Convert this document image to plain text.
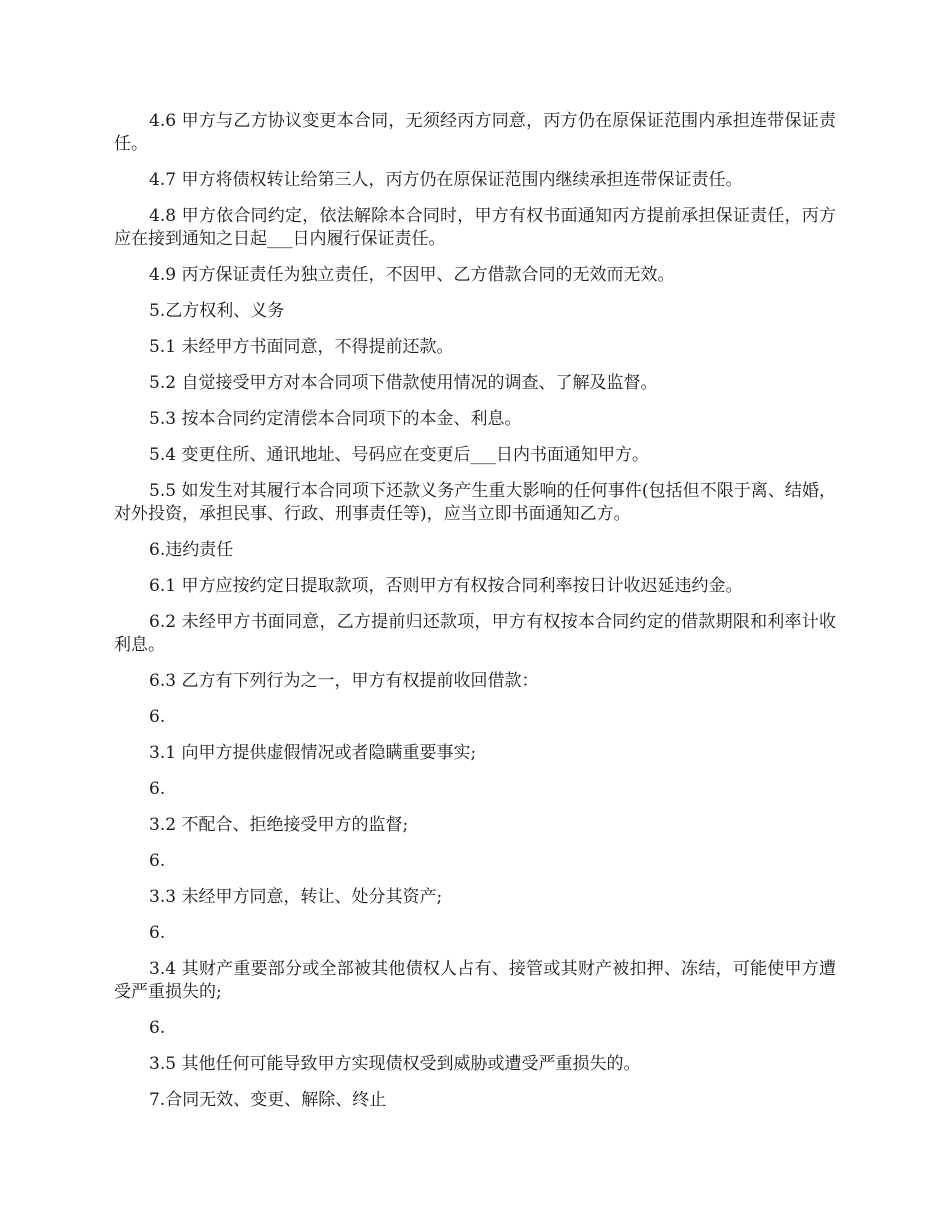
4.6 甲方与乙方协议变更本合同，无须经丙方同意，丙方仍在原保证范围内承担连带保证责任。

4.7 甲方将债权转让给第三人，丙方仍在原保证范围内继续承担连带保证责任。

4.8 甲方依合同约定，依法解除本合同时，甲方有权书面通知丙方提前承担保证责任，丙方应在接到通知之日起___日内履行保证责任。

4.9 丙方保证责任为独立责任，不因甲、乙方借款合同的无效而无效。

5.乙方权利、义务

5.1 未经甲方书面同意，不得提前还款。

5.2 自觉接受甲方对本合同项下借款使用情况的调查、了解及监督。

5.3 按本合同约定清偿本合同项下的本金、利息。

5.4 变更住所、通讯地址、号码应在变更后___日内书面通知甲方。

5.5 如发生对其履行本合同项下还款义务产生重大影响的任何事件(包括但不限于离、结婚，对外投资，承担民事、行政、刑事责任等)，应当立即书面通知乙方。

6.违约责任

6.1 甲方应按约定日提取款项，否则甲方有权按合同利率按日计收迟延违约金。

6.2 未经甲方书面同意，乙方提前归还款项，甲方有权按本合同约定的借款期限和利率计收利息。

6.3 乙方有下列行为之一，甲方有权提前收回借款：

6.

3.1 向甲方提供虚假情况或者隐瞒重要事实;

6.

3.2 不配合、拒绝接受甲方的监督;

6.

3.3 未经甲方同意，转让、处分其资产;

6.

3.4 其财产重要部分或全部被其他债权人占有、接管或其财产被扣押、冻结，可能使甲方遭受严重损失的;

6.

3.5 其他任何可能导致甲方实现债权受到威胁或遭受严重损失的。

7.合同无效、变更、解除、终止
